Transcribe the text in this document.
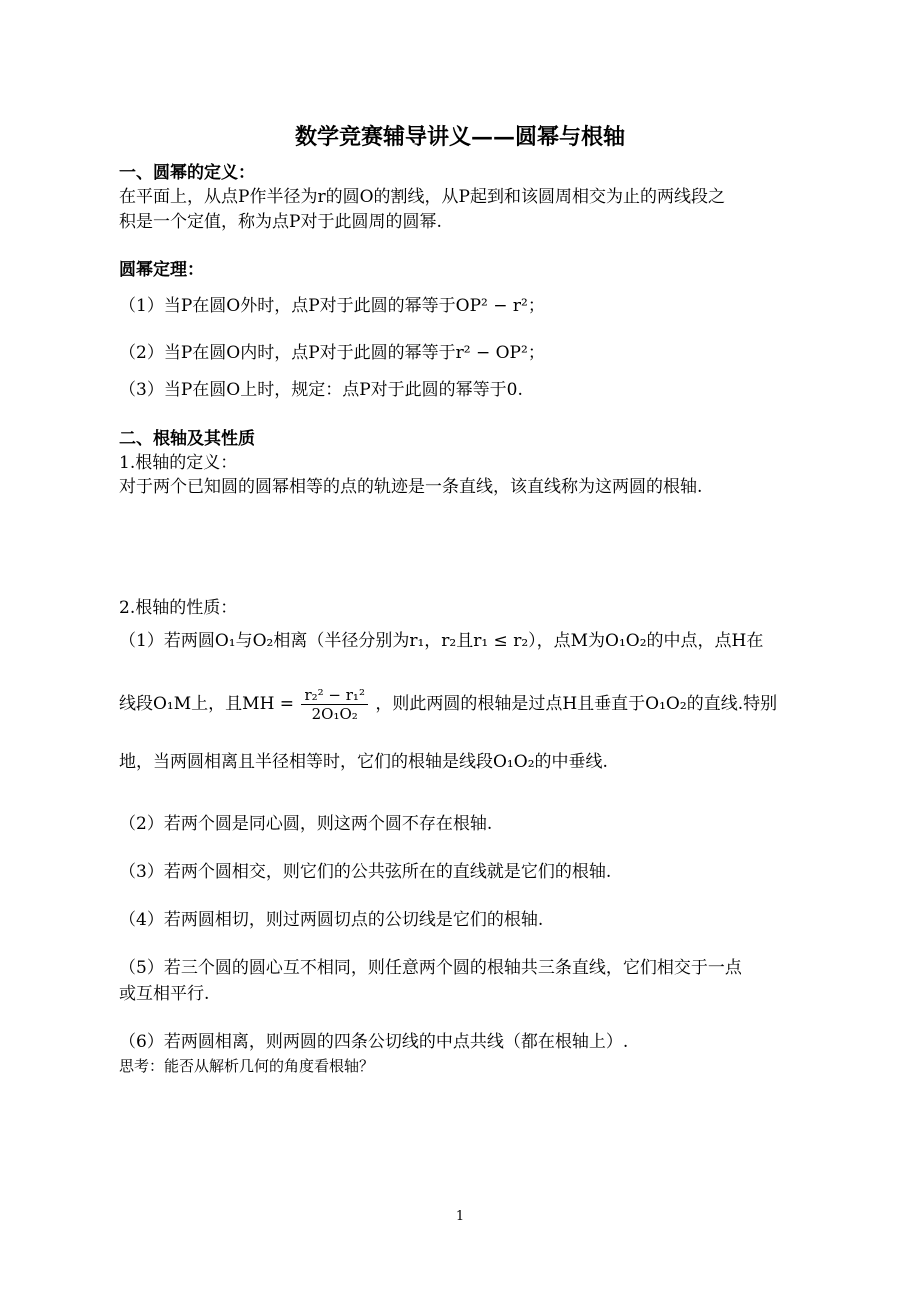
数学竞赛辅导讲义——圆幂与根轴
一、圆幂的定义：
在平面上，从点P作半径为r的圆O的割线，从P起到和该圆周相交为止的两线段之
积是一个定值，称为点P对于此圆周的圆幂.
圆幂定理：
（1）当P在圆O外时，点P对于此圆的幂等于OP² − r²；
（2）当P在圆O内时，点P对于此圆的幂等于r² − OP²；
（3）当P在圆O上时，规定：点P对于此圆的幂等于0.
二、根轴及其性质
1.根轴的定义：
对于两个已知圆的圆幂相等的点的轨迹是一条直线，该直线称为这两圆的根轴.
2.根轴的性质：
（1）若两圆O₁与O₂相离（半径分别为r₁，r₂且r₁ ≤ r₂），点M为O₁O₂的中点，点H在
线段O₁M上，且MH = $\frac{\text{r₂² − r₁²}}{\text{2O₁O₂}}$ ，则此两圆的根轴是过点H且垂直于O₁O₂的直线.特别
地，当两圆相离且半径相等时，它们的根轴是线段O₁O₂的中垂线.
（2）若两个圆是同心圆，则这两个圆不存在根轴.
（3）若两个圆相交，则它们的公共弦所在的直线就是它们的根轴.
（4）若两圆相切，则过两圆切点的公切线是它们的根轴.
（5）若三个圆的圆心互不相同，则任意两个圆的根轴共三条直线，它们相交于一点
或互相平行.
（6）若两圆相离，则两圆的四条公切线的中点共线（都在根轴上）.
思考：能否从解析几何的角度看根轴？
1
